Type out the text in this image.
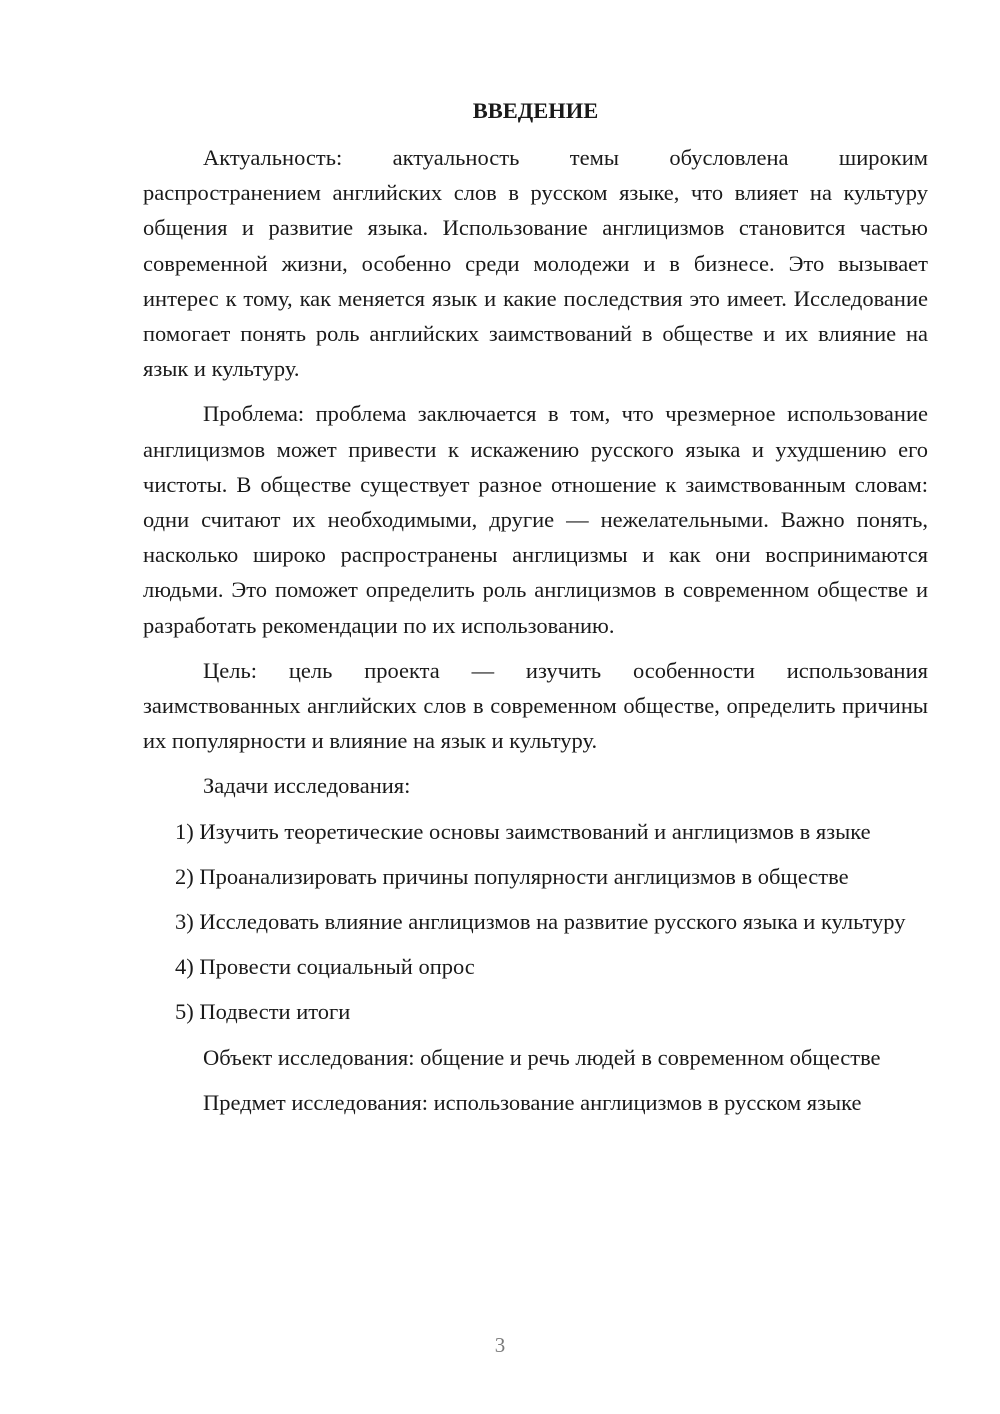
ВВЕДЕНИЕ

Актуальность: актуальность темы обусловлена широким распространением английских слов в русском языке, что влияет на культуру общения и развитие языка. Использование англицизмов становится частью современной жизни, особенно среди молодежи и в бизнесе. Это вызывает интерес к тому, как меняется язык и какие последствия это имеет. Исследование помогает понять роль английских заимствований в обществе и их влияние на язык и культуру.

Проблема: проблема заключается в том, что чрезмерное использование англицизмов может привести к искажению русского языка и ухудшению его чистоты. В обществе существует разное отношение к заимствованным словам: одни считают их необходимыми, другие — нежелательными. Важно понять, насколько широко распространены англицизмы и как они воспринимаются людьми. Это поможет определить роль англицизмов в современном обществе и разработать рекомендации по их использованию.

Цель: цель проекта — изучить особенности использования заимствованных английских слов в современном обществе, определить причины их популярности и влияние на язык и культуру.

Задачи исследования:

1) Изучить теоретические основы заимствований и англицизмов в языке

2) Проанализировать причины популярности англицизмов в обществе

3) Исследовать влияние англицизмов на развитие русского языка и культуру

4) Провести социальный опрос

5) Подвести итоги

Объект исследования: общение и речь людей в современном обществе

Предмет исследования: использование англицизмов в русском языке

3
